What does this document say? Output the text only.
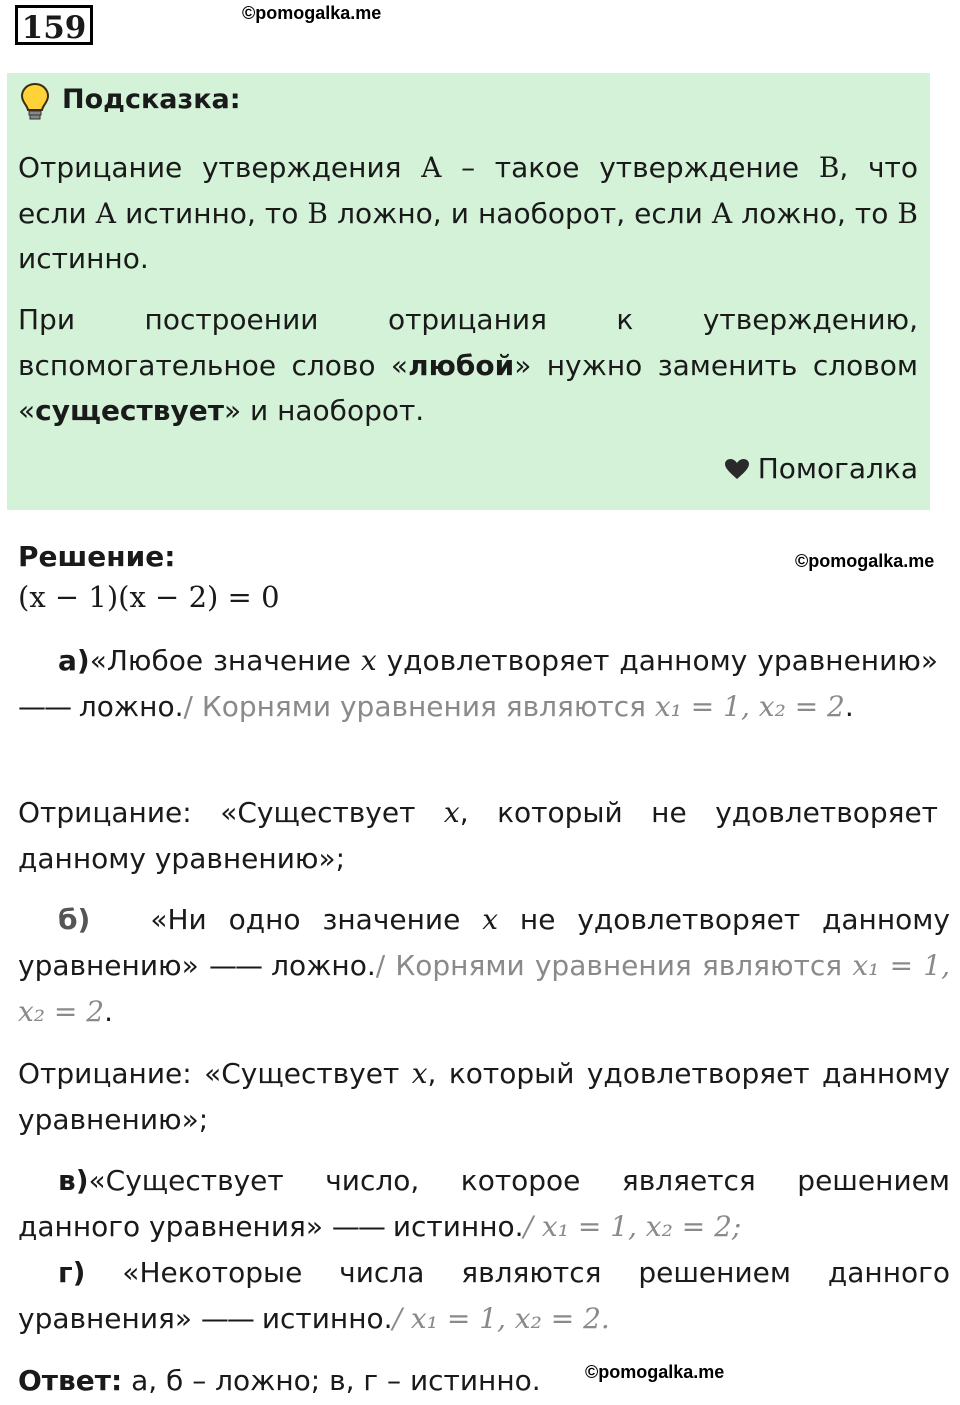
159	©pomogalka.me
Подсказка:
Отрицание утверждения A – такое утверждение B, что если A истинно, то B ложно, и наоборот, если A ложно, то B истинно.
При построении отрицания к утверждению, вспомогательное слово «любой» нужно заменить словом «существует» и наоборот.
Помогалка
Решение:	©pomogalka.me
(x − 1)(x − 2) = 0
а)«Любое значение x удовлетворяет данному уравнению» —— ложно./ Корнями уравнения являются x₁ = 1, x₂ = 2.
Отрицание: «Существует x, который не удовлетворяет данному уравнению»;
б) «Ни одно значение x не удовлетворяет данному уравнению» —— ложно./ Корнями уравнения являются x₁ = 1, x₂ = 2.
Отрицание: «Существует x, который удовлетворяет данному уравнению»;
в)«Существует число, которое является решением данного уравнения» —— истинно./ x₁ = 1, x₂ = 2;
г) «Некоторые числа являются решением данного уравнения» —— истинно./ x₁ = 1, x₂ = 2.
Ответ: а, б – ложно; в, г – истинно. ©pomogalka.me
